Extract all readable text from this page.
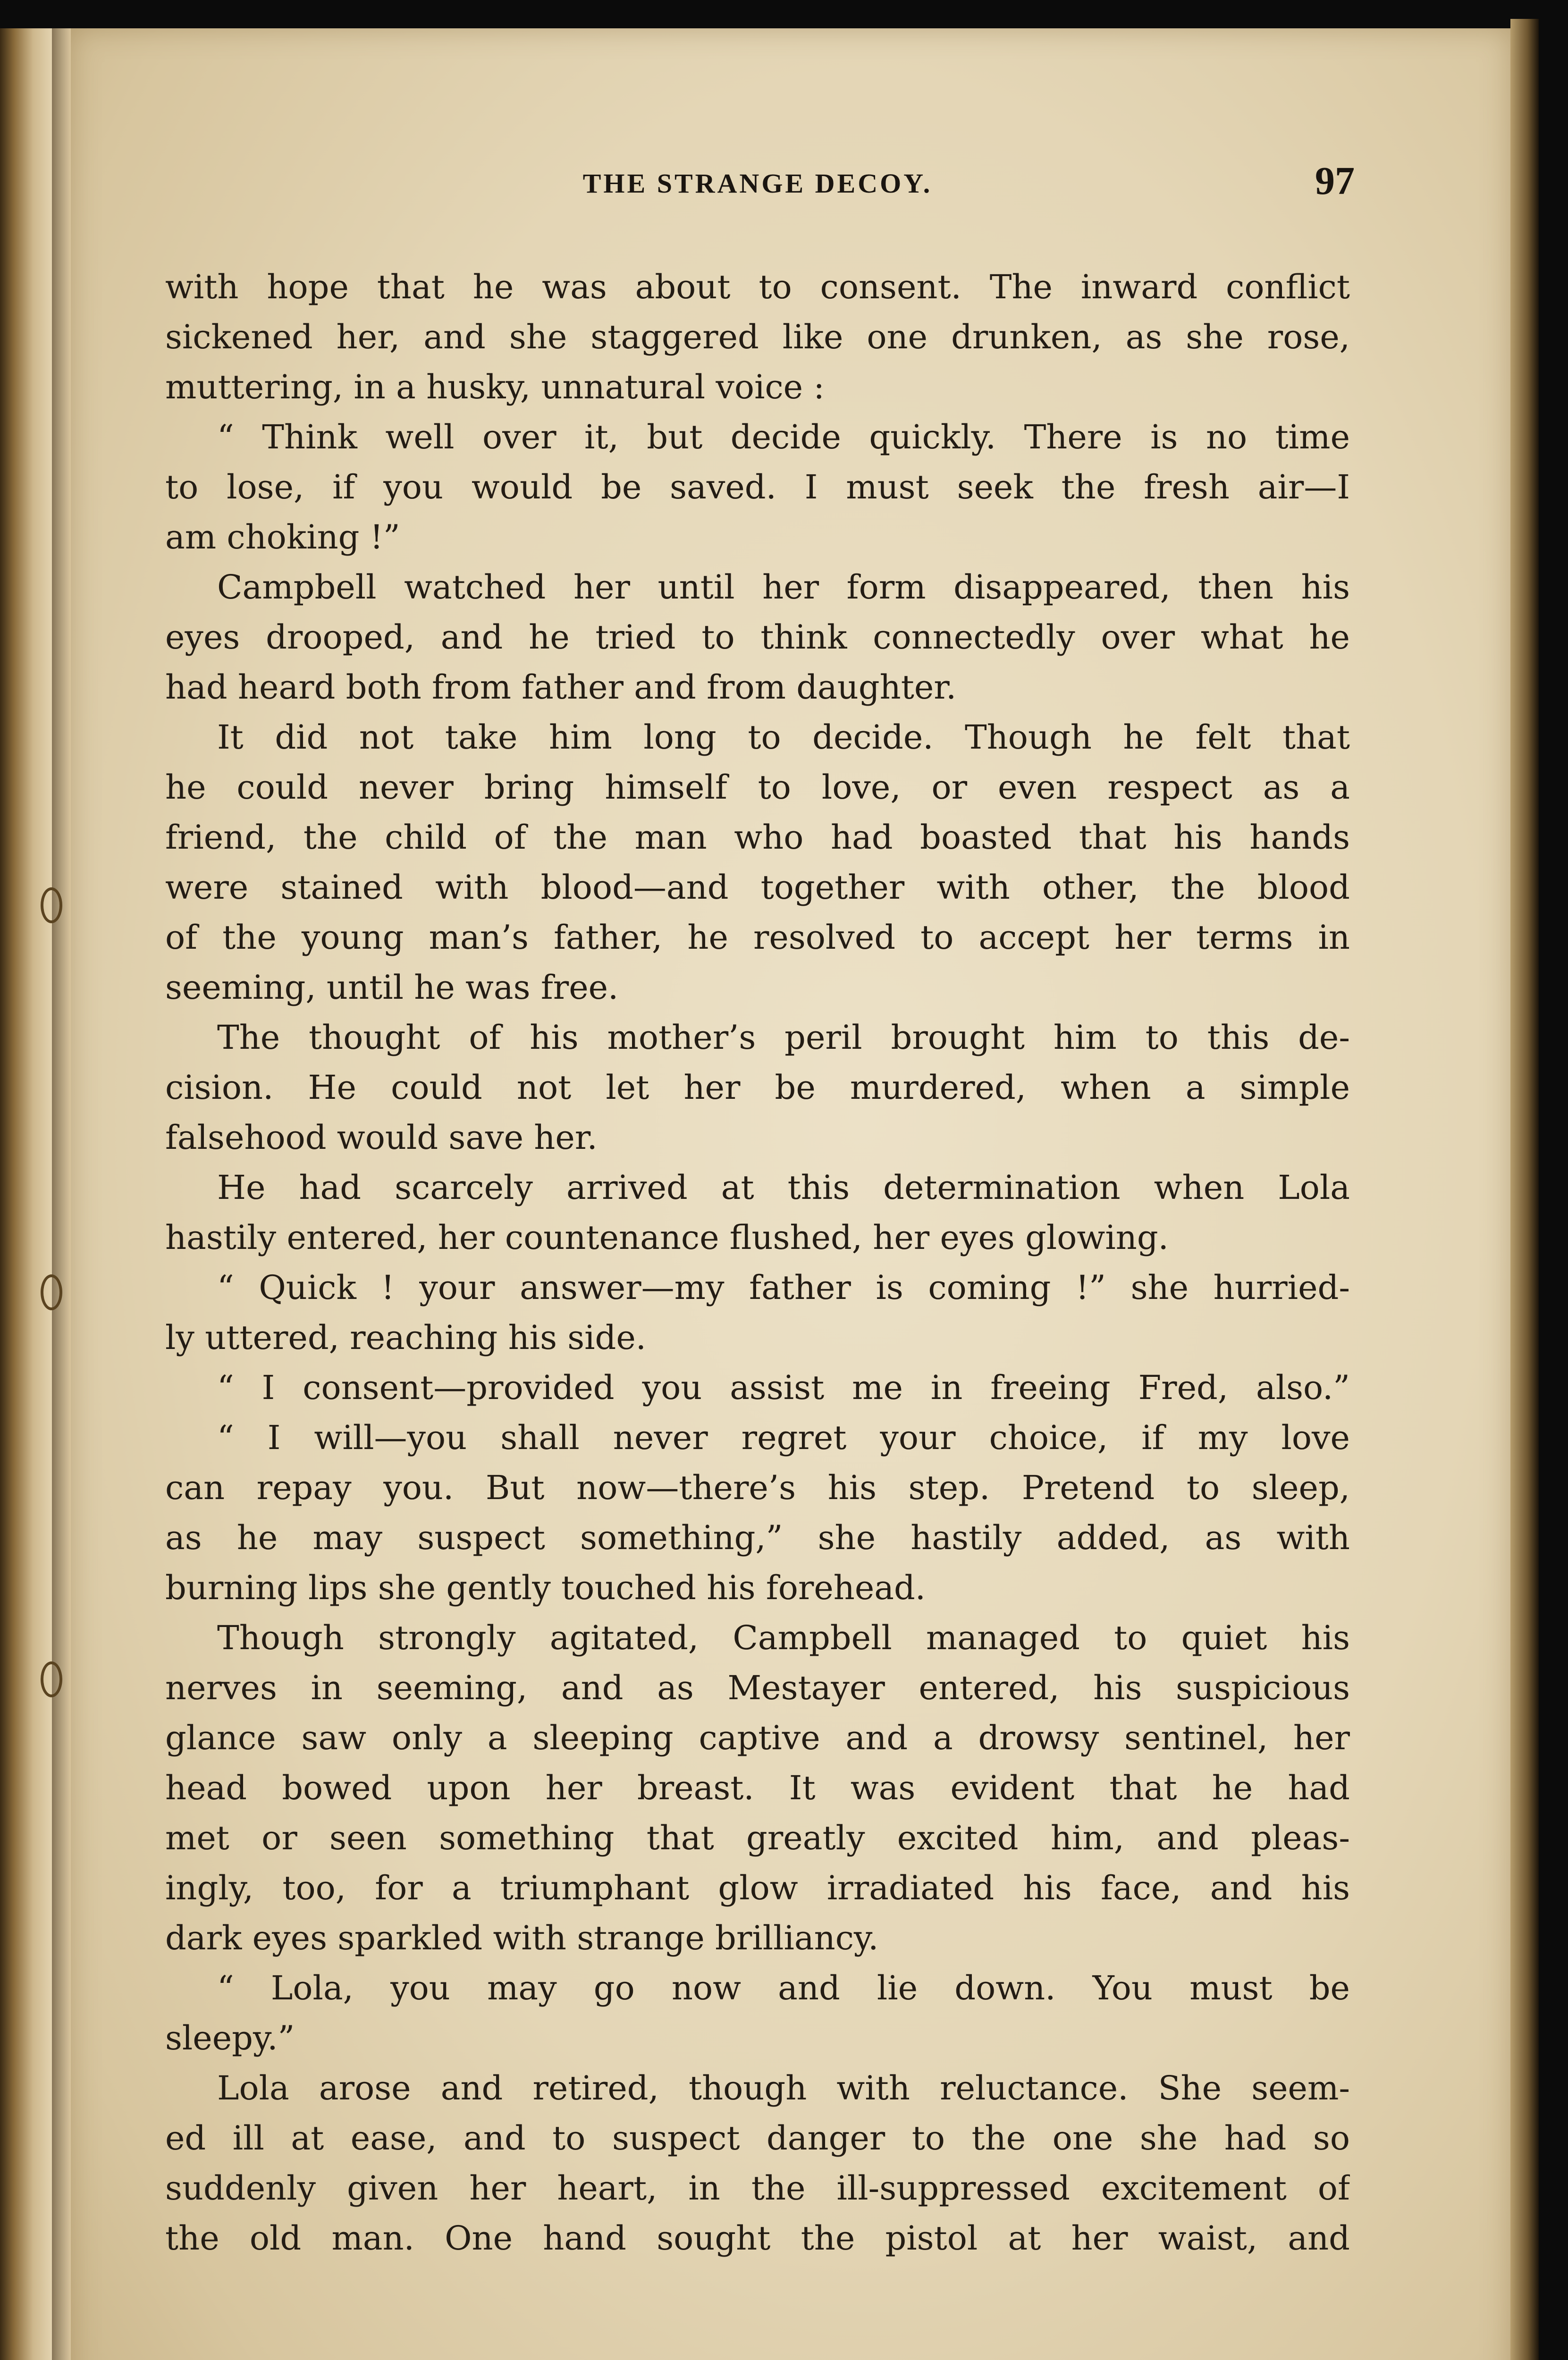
THE STRANGE DECOY.	97
with hope that he was about to consent. The inward conflict
sickened her, and she staggered like one drunken, as she rose,
muttering, in a husky, unnatural voice :
“ Think well over it, but decide quickly. There is no time
to lose, if you would be saved. I must seek the fresh air—I
am choking !”
Campbell watched her until her form disappeared, then his
eyes drooped, and he tried to think connectedly over what he
had heard both from father and from daughter.
It did not take him long to decide. Though he felt that
he could never bring himself to love, or even respect as a
friend, the child of the man who had boasted that his hands
were stained with blood—and together with other, the blood
of the young man’s father, he resolved to accept her terms in
seeming, until he was free.
The thought of his mother’s peril brought him to this de-
cision. He could not let her be murdered, when a simple
falsehood would save her.
He had scarcely arrived at this determination when Lola
hastily entered, her countenance flushed, her eyes glowing.
“ Quick ! your answer—my father is coming !” she hurried-
ly uttered, reaching his side.
“ I consent—provided you assist me in freeing Fred, also.”
“ I will—you shall never regret your choice, if my love
can repay you. But now—there’s his step. Pretend to sleep,
as he may suspect something,” she hastily added, as with
burning lips she gently touched his forehead.
Though strongly agitated, Campbell managed to quiet his
nerves in seeming, and as Mestayer entered, his suspicious
glance saw only a sleeping captive and a drowsy sentinel, her
head bowed upon her breast. It was evident that he had
met or seen something that greatly excited him, and pleas-
ingly, too, for a triumphant glow irradiated his face, and his
dark eyes sparkled with strange brilliancy.
“ Lola, you may go now and lie down. You must be
sleepy.”
Lola arose and retired, though with reluctance. She seem-
ed ill at ease, and to suspect danger to the one she had so
suddenly given her heart, in the ill-suppressed excitement of
the old man. One hand sought the pistol at her waist, and
